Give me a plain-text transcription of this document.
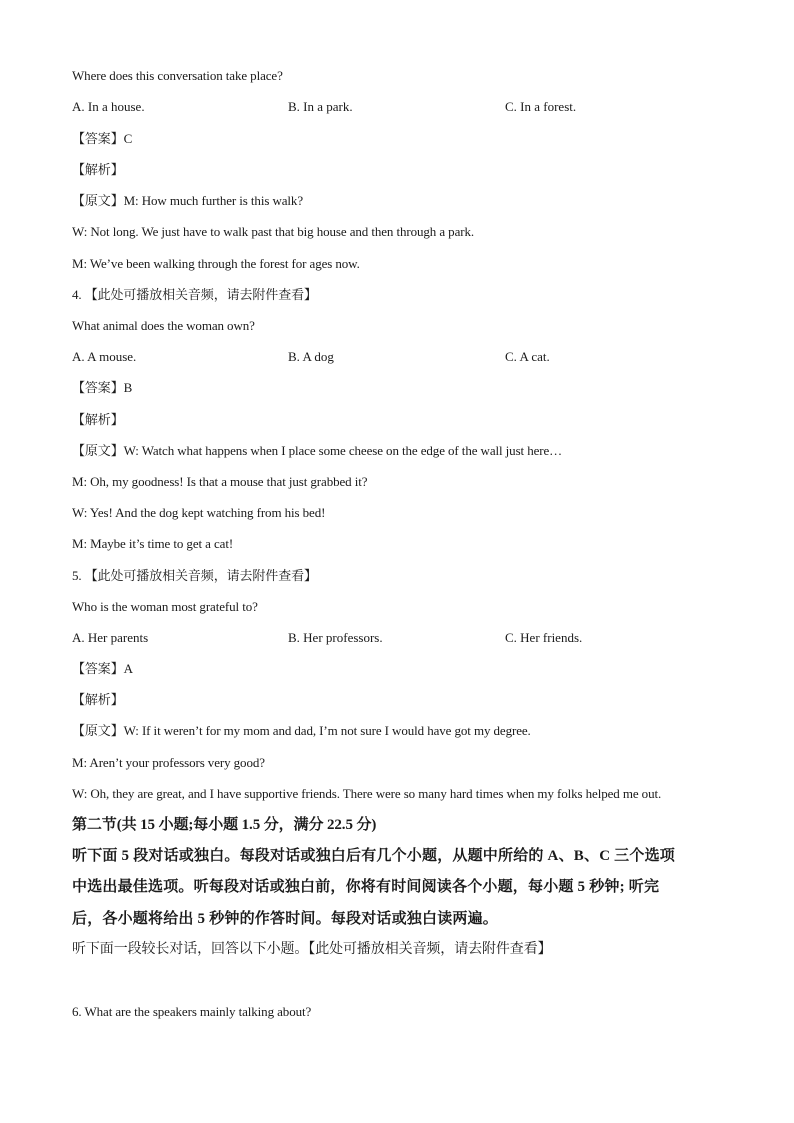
Where does this conversation take place?
A. In a house.	B. In a park.	C. In a forest.
【答案】C
【解析】
【原文】M: How much further is this walk?
W: Not long. We just have to walk past that big house and then through a park.
M: We’ve been walking through the forest for ages now.
4. 【此处可播放相关音频，请去附件查看】
What animal does the woman own?
A. A mouse.	B. A dog	C. A cat.
【答案】B
【解析】
【原文】W: Watch what happens when I place some cheese on the edge of the wall just here…
M: Oh, my goodness! Is that a mouse that just grabbed it?
W: Yes! And the dog kept watching from his bed!
M: Maybe it’s time to get a cat!
5. 【此处可播放相关音频，请去附件查看】
Who is the woman most grateful to?
A. Her parents	B. Her professors.	C. Her friends.
【答案】A
【解析】
【原文】W: If it weren’t for my mom and dad, I’m not sure I would have got my degree.
M: Aren’t your professors very good?
W: Oh, they are great, and I have supportive friends. There were so many hard times when my folks helped me out.
第二节(共 15 小题;每小题 1.5 分，满分 22.5 分)
听下面 5 段对话或独白。每段对话或独白后有几个小题，从题中所给的 A、B、C 三个选项
中选出最佳选项。听每段对话或独白前，你将有时间阅读各个小题，每小题 5 秒钟; 听完
后，各小题将给出 5 秒钟的作答时间。每段对话或独白读两遍。
听下面一段较长对话，回答以下小题。【此处可播放相关音频，请去附件查看】
6. What are the speakers mainly talking about?
